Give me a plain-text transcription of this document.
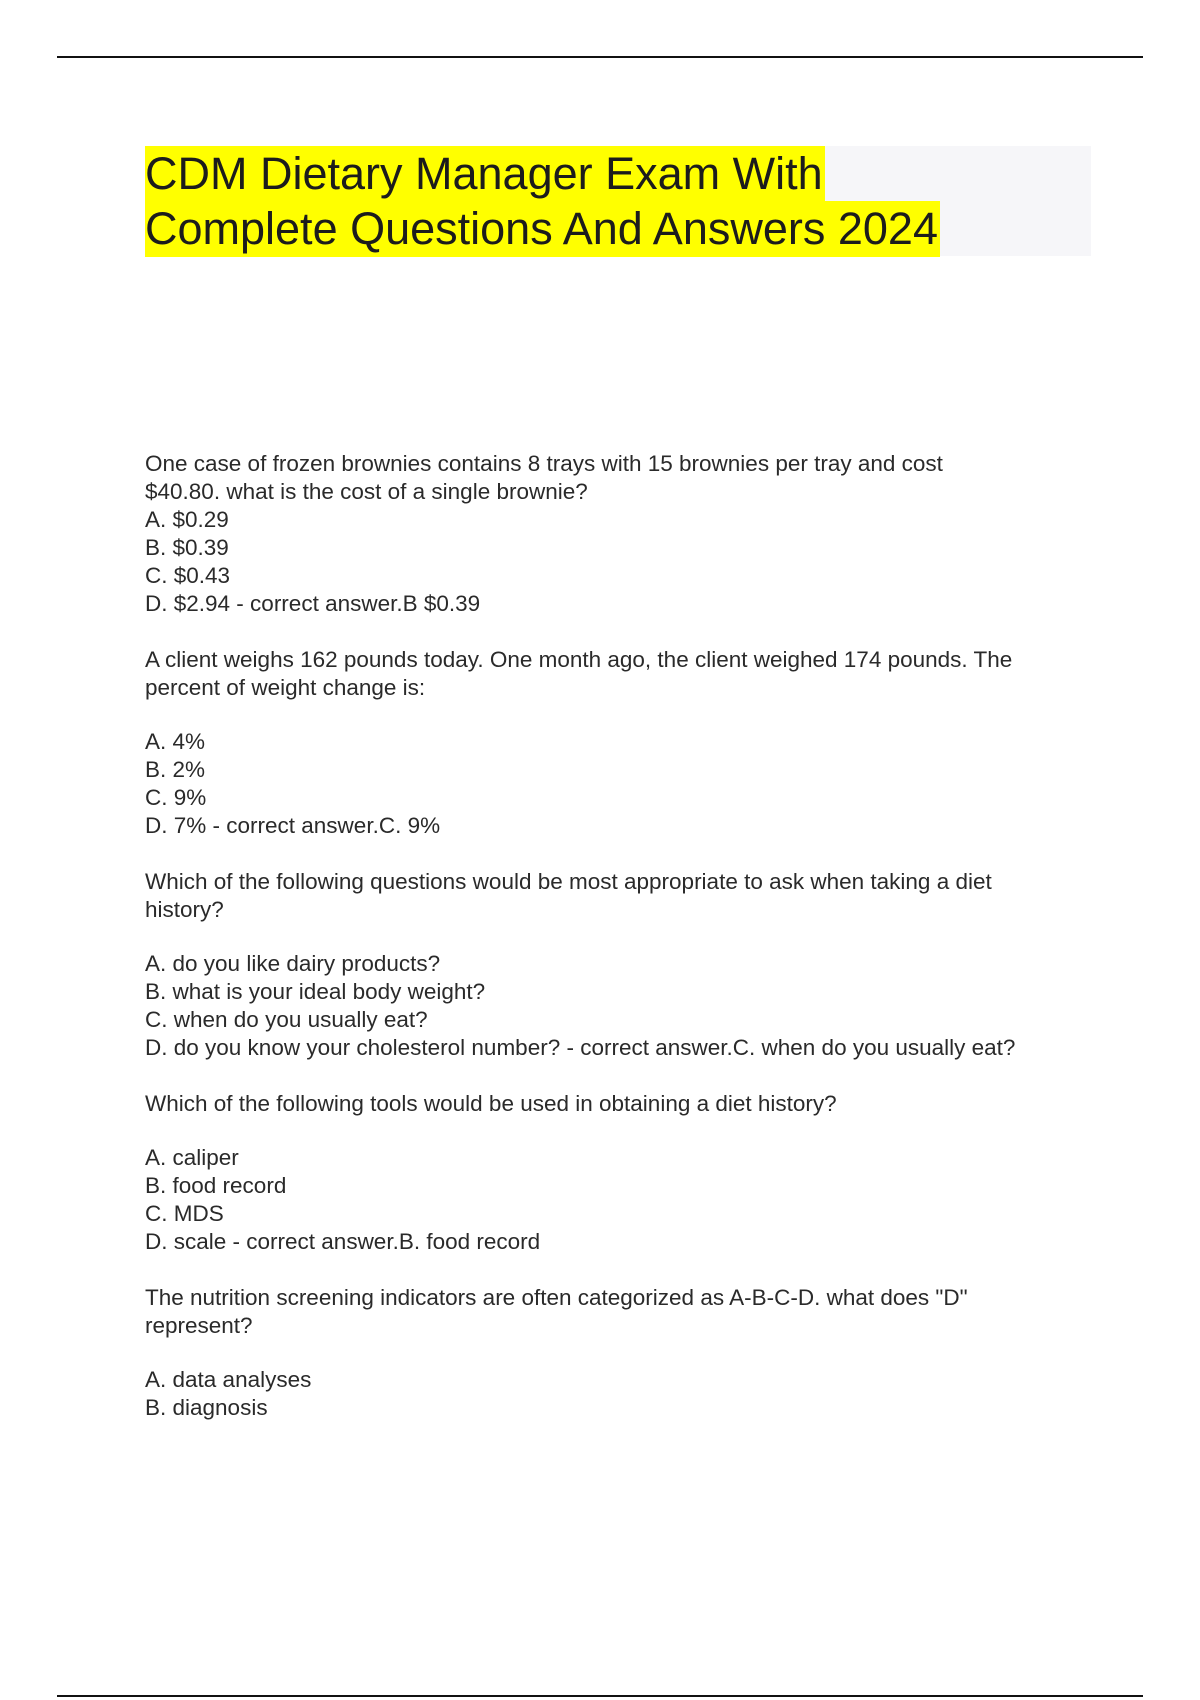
CDM Dietary Manager Exam With
Complete Questions And Answers 2024
One case of frozen brownies contains 8 trays with 15 brownies per tray and cost
$40.80. what is the cost of a single brownie?
A. $0.29
B. $0.39
C. $0.43
D. $2.94 - correct answer.B $0.39
A client weighs 162 pounds today. One month ago, the client weighed 174 pounds. The
percent of weight change is:
A. 4%
B. 2%
C. 9%
D. 7% - correct answer.C. 9%
Which of the following questions would be most appropriate to ask when taking a diet
history?
A. do you like dairy products?
B. what is your ideal body weight?
C. when do you usually eat?
D. do you know your cholesterol number? - correct answer.C. when do you usually eat?
Which of the following tools would be used in obtaining a diet history?
A. caliper
B. food record
C. MDS
D. scale - correct answer.B. food record
The nutrition screening indicators are often categorized as A-B-C-D. what does "D"
represent?
A. data analyses
B. diagnosis
